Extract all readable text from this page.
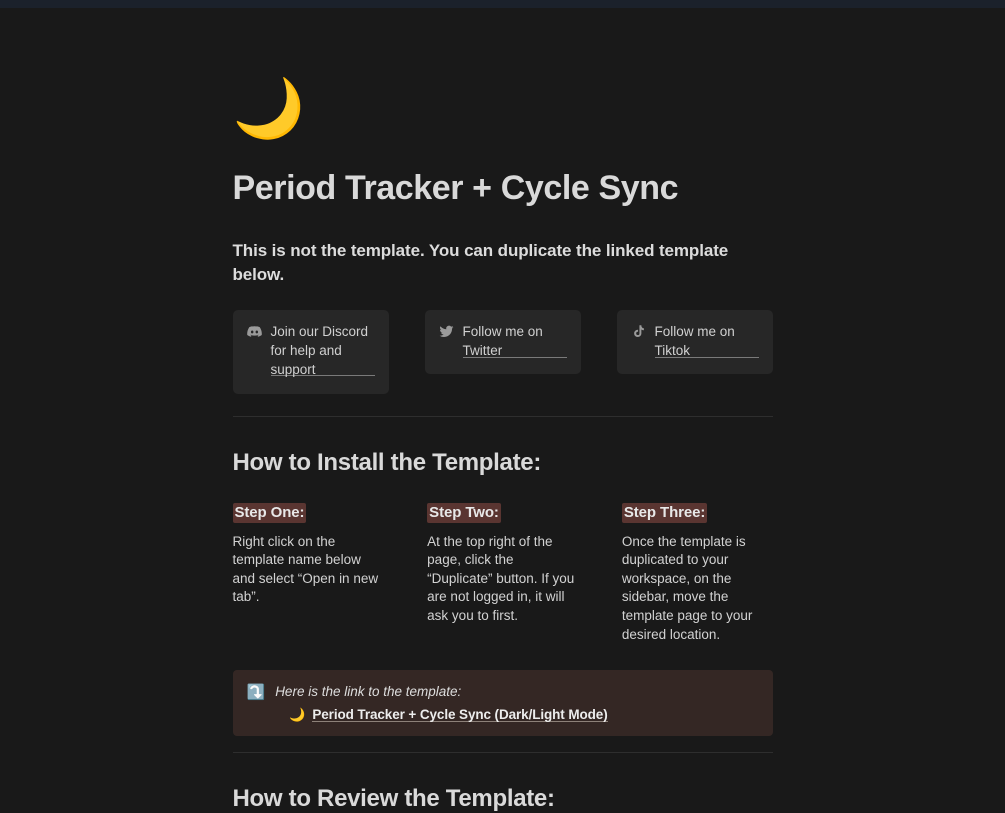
🌙
Period Tracker + Cycle Sync
This is not the template. You can duplicate the linked template below.
Join our Discord for help and support
Follow me on Twitter
Follow me on Tiktok
How to Install the Template:
Step One:
Right click on the template name below and select “Open in new tab”.
Step Two:
At the top right of the page, click the “Duplicate” button. If you are not logged in, it will ask you to first.
Step Three:
Once the template is duplicated to your workspace, on the sidebar, move the template page to your desired location.
⤵️ Here is the link to the template:
🌙 Period Tracker + Cycle Sync (Dark/Light Mode)
How to Review the Template:
